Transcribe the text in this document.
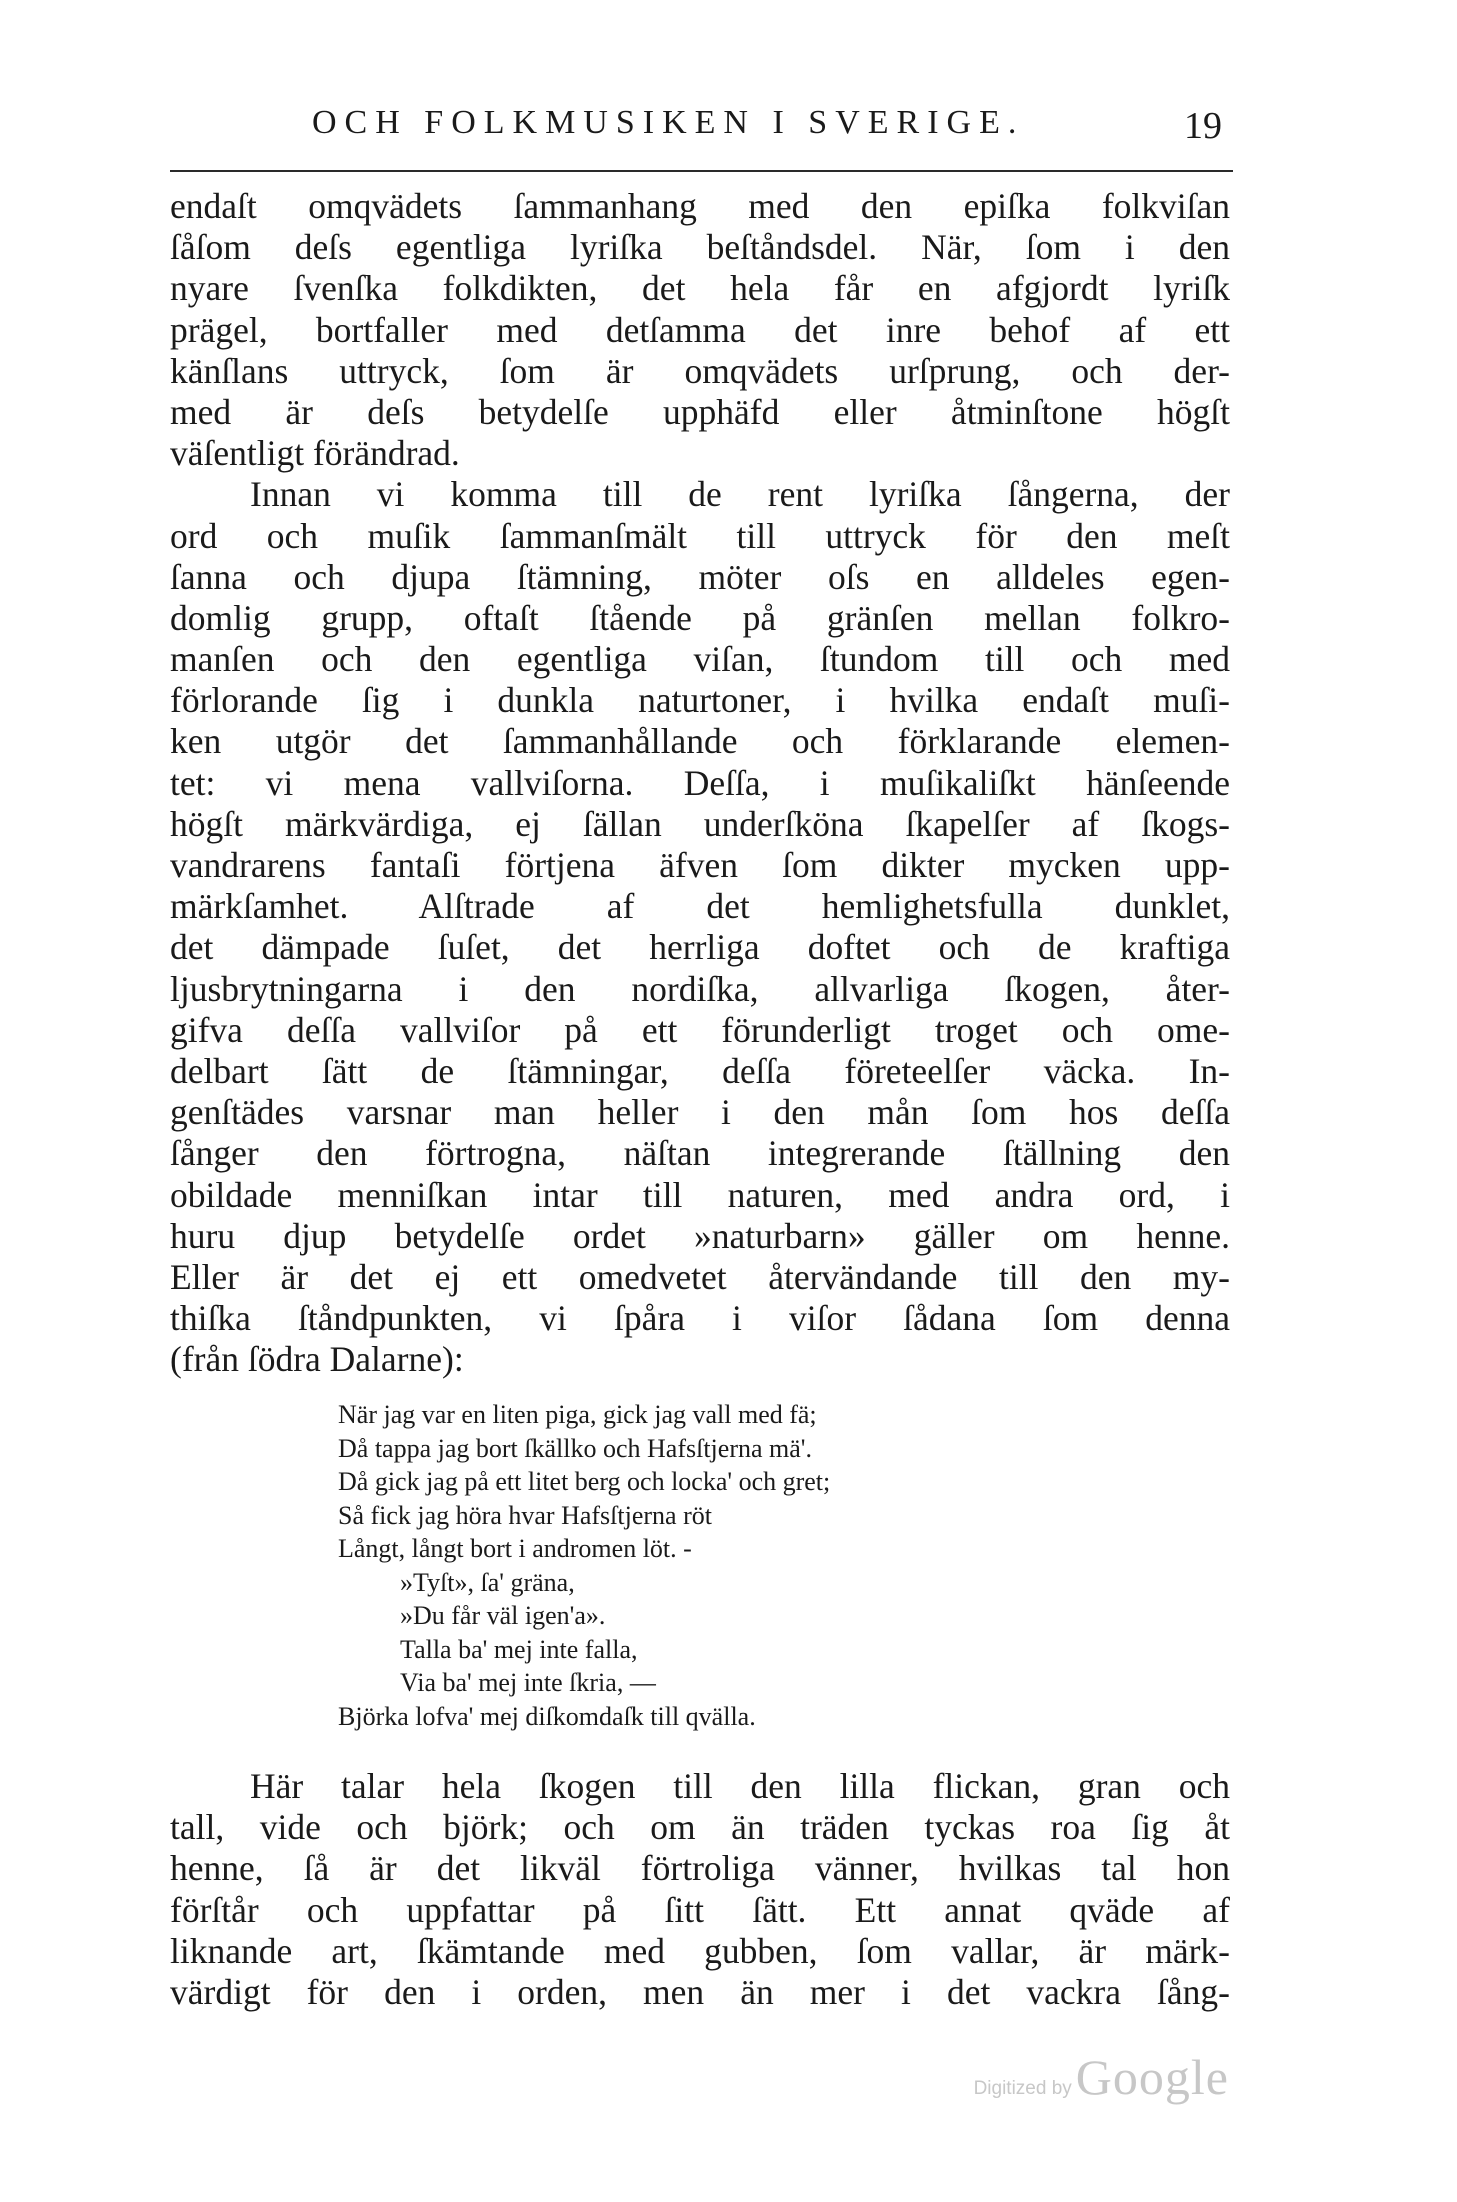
OCH FOLKMUSIKEN I SVERIGE.	19
endaſt omqvädets ſammanhang med den epiſka folkviſan
ſåſom deſs egentliga lyriſka beſtåndsdel. När, ſom i den
nyare ſvenſka folkdikten, det hela får en afgjordt lyriſk
prägel, bortfaller med detſamma det inre behof af ett
känſlans uttryck, ſom är omqvädets urſprung, och der-
med är deſs betydelſe upphäfd eller åtminſtone högſt
väſentligt förändrad.
Innan vi komma till de rent lyriſka ſångerna, der
ord och muſik ſammanſmält till uttryck för den meſt
ſanna och djupa ſtämning, möter oſs en alldeles egen-
domlig grupp, oftaſt ſtående på gränſen mellan folkro-
manſen och den egentliga viſan, ſtundom till och med
förlorande ſig i dunkla naturtoner, i hvilka endaſt muſi-
ken utgör det ſammanhållande och förklarande elemen-
tet: vi mena vallviſorna. Deſſa, i muſikaliſkt hänſeende
högſt märkvärdiga, ej ſällan underſköna ſkapelſer af ſkogs-
vandrarens fantaſi förtjena äfven ſom dikter mycken upp-
märkſamhet. Alſtrade af det hemlighetsfulla dunklet,
det dämpade ſuſet, det herrliga doftet och de kraftiga
ljusbrytningarna i den nordiſka, allvarliga ſkogen, åter-
gifva deſſa vallviſor på ett förunderligt troget och ome-
delbart ſätt de ſtämningar, deſſa företeelſer väcka. In-
genſtädes varsnar man heller i den mån ſom hos deſſa
ſånger den förtrogna, näſtan integrerande ſtällning den
obildade menniſkan intar till naturen, med andra ord, i
huru djup betydelſe ordet »naturbarn» gäller om henne.
Eller är det ej ett omedvetet återvändande till den my-
thiſka ſtåndpunkten, vi ſpåra i viſor ſådana ſom denna
(från ſödra Dalarne):
När jag var en liten piga, gick jag vall med fä;
Då tappa jag bort ſkällko och Hafsſtjerna mä'.
Då gick jag på ett litet berg och locka' och gret;
Så fick jag höra hvar Hafsſtjerna röt
Långt, långt bort i andromen löt. -
»Tyſt», ſa' gräna,
»Du får väl igen'a».
Talla ba' mej inte falla,
Via ba' mej inte ſkria, —
Björka lofva' mej diſkomdaſk till qvälla.
Här talar hela ſkogen till den lilla flickan, gran och
tall, vide och björk; och om än träden tyckas roa ſig åt
henne, ſå är det likväl förtroliga vänner, hvilkas tal hon
förſtår och uppfattar på ſitt ſätt. Ett annat qväde af
liknande art, ſkämtande med gubben, ſom vallar, är märk-
värdigt för den i orden, men än mer i det vackra ſång-
Digitized by Google
